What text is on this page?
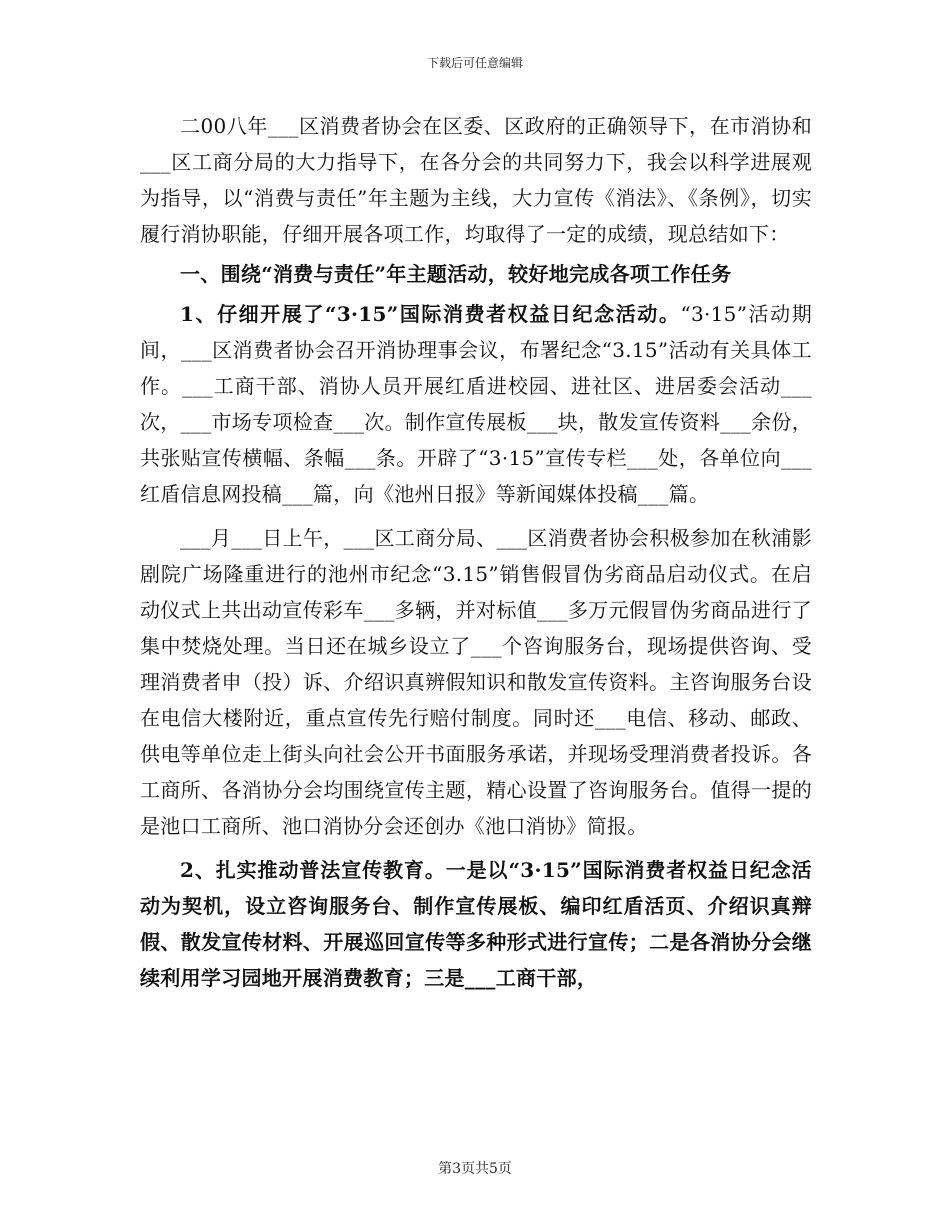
下载后可任意编辑

二00八年___区消费者协会在区委、区政府的正确领导下，在市消协和___区工商分局的大力指导下，在各分会的共同努力下，我会以科学进展观为指导，以“消费与责任”年主题为主线，大力宣传《消法》、《条例》，切实履行消协职能，仔细开展各项工作，均取得了一定的成绩，现总结如下：

一、围绕“消费与责任”年主题活动，较好地完成各项工作任务

1、仔细开展了“3·15”国际消费者权益日纪念活动。“3·15”活动期间，___区消费者协会召开消协理事会议，布署纪念“3.15”活动有关具体工作。___工商干部、消协人员开展红盾进校园、进社区、进居委会活动___次，___市场专项检查___次。制作宣传展板___块，散发宣传资料___余份，共张贴宣传横幅、条幅___条。开辟了“3·15”宣传专栏___处，各单位向___红盾信息网投稿___篇，向《池州日报》等新闻媒体投稿___篇。

___月___日上午，___区工商分局、___区消费者协会积极参加在秋浦影剧院广场隆重进行的池州市纪念“3.15”销售假冒伪劣商品启动仪式。在启动仪式上共出动宣传彩车___多辆，并对标值___多万元假冒伪劣商品进行了集中焚烧处理。当日还在城乡设立了___个咨询服务台，现场提供咨询、受理消费者申（投）诉、介绍识真辨假知识和散发宣传资料。主咨询服务台设在电信大楼附近，重点宣传先行赔付制度。同时还___电信、移动、邮政、供电等单位走上街头向社会公开书面服务承诺，并现场受理消费者投诉。各工商所、各消协分会均围绕宣传主题，精心设置了咨询服务台。值得一提的是池口工商所、池口消协分会还创办《池口消协》简报。

2、扎实推动普法宣传教育。一是以“3·15”国际消费者权益日纪念活动为契机，设立咨询服务台、制作宣传展板、编印红盾活页、介绍识真辩假、散发宣传材料、开展巡回宣传等多种形式进行宣传；二是各消协分会继续利用学习园地开展消费教育；三是___工商干部，

第3页共5页
